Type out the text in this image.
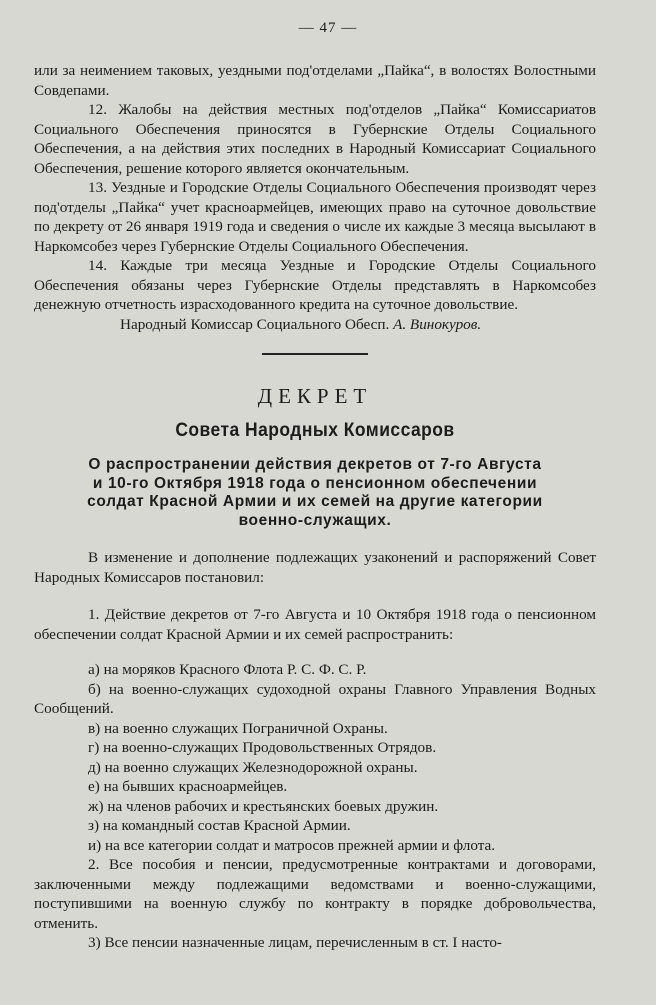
— 47 —

или за неимением таковых, уездными под'отделами „Пайка“, в волостях Волостными Совдепами.

12. Жалобы на действия местных под'отделов „Пайка“ Комиссариатов Социального Обеспечения приносятся в Губернские Отделы Социального Обеспечения, а на действия этих последних в Народный Комиссариат Социального Обеспечения, решение которого является окончательным.

13. Уездные и Городские Отделы Социального Обеспечения производят через под'отделы „Пайка“ учет красноармейцев, имеющих право на суточное довольствие по декрету от 26 января 1919 года и сведения о числе их каждые 3 месяца высылают в Наркомсобез через Губернские Отделы Социального Обеспечения.

14. Каждые три месяца Уездные и Городские Отделы Социального Обеспечения обязаны через Губернские Отделы представлять в Наркомсобез денежную отчетность израсходованного кредита на суточное довольствие.

Народный Комиссар Социального Обесп. А. Винокуров.

ДЕКРЕТ
Совета Народных Комиссаров
О распространении действия декретов от 7-го Августа
и 10-го Октября 1918 года о пенсионном обеспечении
солдат Красной Армии и их семей на другие категории
военно-служащих.

В изменение и дополнение подлежащих узаконений и распоряжений Совет Народных Комиссаров постановил:

1. Действие декретов от 7-го Августа и 10 Октября 1918 года о пенсионном обеспечении солдат Красной Армии и их семей распространить:

а) на моряков Красного Флота Р. С. Ф. С. Р.

б) на военно-служащих судоходной охраны Главного Управления Водных Сообщений.

в) на военно служащих Пограничной Охраны.

г) на военно-служащих Продовольственных Отрядов.

д) на военно служащих Железнодорожной охраны.

е) на бывших красноармейцев.

ж) на членов рабочих и крестьянских боевых дружин.

з) на командный состав Красной Армии.

и) на все категории солдат и матросов прежней армии и флота.

2. Все пособия и пенсии, предусмотренные контрактами и договорами, заключенными между подлежащими ведомствами и военно-служащими, поступившими на военную службу по контракту в порядке добровольчества, отменить.

3) Все пенсии назначенные лицам, перечисленным в ст. I насто-
